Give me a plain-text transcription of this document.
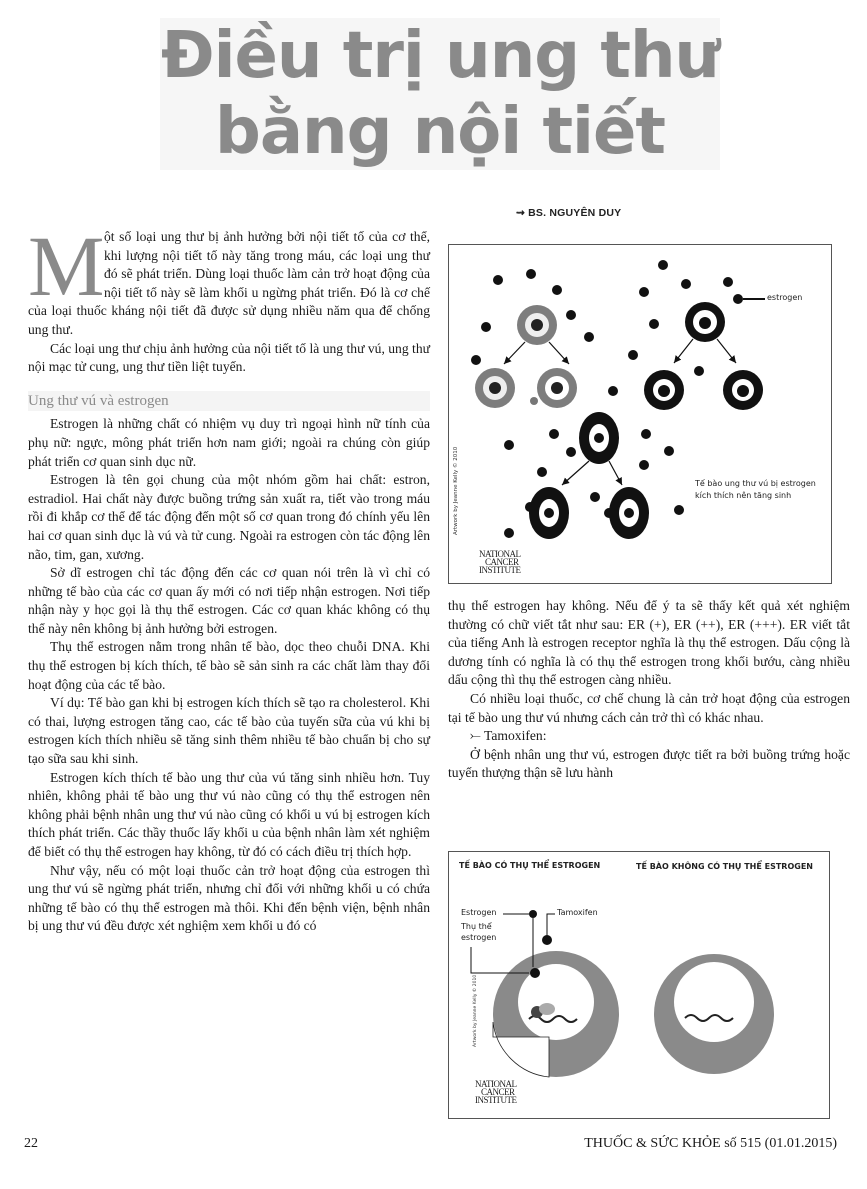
Điều trị ung thư
bằng nội tiết
⇝ BS. NGUYÊN DUY
M ột số loại ung thư bị ảnh hưởng bởi nội tiết tố của cơ thể, khi lượng nội tiết tố này tăng trong máu, các loại ung thư đó sẽ phát triển. Dùng loại thuốc làm cản trở hoạt động của nội tiết tố này sẽ làm khối u ngừng phát triển. Đó là cơ chế của loại thuốc kháng nội tiết đã được sử dụng nhiều năm qua để chống ung thư.

Các loại ung thư chịu ảnh hưởng của nội tiết tố là ung thư vú, ung thư nội mạc tử cung, ung thư tiền liệt tuyến.

Ung thư vú và estrogen

Estrogen là những chất có nhiệm vụ duy trì ngoại hình nữ tính của phụ nữ: ngực, mông phát triển hơn nam giới; ngoài ra chúng còn giúp phát triển cơ quan sinh dục nữ.

Estrogen là tên gọi chung của một nhóm gồm hai chất: estron, estradiol. Hai chất này được buồng trứng sản xuất ra, tiết vào trong máu rồi đi khắp cơ thể để tác động đến một số cơ quan trong đó chính yếu lên hai cơ quan sinh dục là vú và tử cung. Ngoài ra estrogen còn tác động lên não, tim, gan, xương.

Sở dĩ estrogen chỉ tác động đến các cơ quan nói trên là vì chỉ có những tế bào của các cơ quan ấy mới có nơi tiếp nhận estrogen. Nơi tiếp nhận này y học gọi là thụ thể estrogen. Các cơ quan khác không có thụ thể này nên không bị ảnh hưởng bởi estrogen.

Thụ thể estrogen nằm trong nhân tế bào, dọc theo chuỗi DNA. Khi thụ thể estrogen bị kích thích, tế bào sẽ sản sinh ra các chất làm thay đổi hoạt động của các tế bào.

Ví dụ: Tế bào gan khi bị estrogen kích thích sẽ tạo ra cholesterol. Khi có thai, lượng estrogen tăng cao, các tế bào của tuyến sữa của vú khi bị estrogen kích thích nhiều sẽ tăng sinh thêm nhiều tế bào chuẩn bị cho sự tạo sữa sau khi sinh.

Estrogen kích thích tế bào ung thư của vú tăng sinh nhiều hơn. Tuy nhiên, không phải tế bào ung thư vú nào cũng có thụ thể estrogen nên không phải bệnh nhân ung thư vú nào cũng có khối u vú bị estrogen kích thích phát triển. Các thầy thuốc lấy khối u của bệnh nhân làm xét nghiệm để biết có thụ thể estrogen hay không, từ đó có cách điều trị thích hợp.

Như vậy, nếu có một loại thuốc cản trở hoạt động của estrogen thì ung thư vú sẽ ngừng phát triển, nhưng chỉ đối với những khối u có chứa những tế bào có thụ thể estrogen mà thôi. Khi đến bệnh viện, bệnh nhân bị ung thư vú đều được xét nghiệm xem khối u đó có

estrogen
Tế bào ung thư vú bị estrogen
kích thích nên tăng sinh
Artwork by Jeanne Kelly © 2010
NATIONAL
CANCER
INSTITUTE

thụ thể estrogen hay không. Nếu để ý ta sẽ thấy kết quả xét nghiệm thường có chữ viết tắt như sau: ER (+), ER (++), ER (+++). ER viết tắt của tiếng Anh là estrogen receptor nghĩa là thụ thể estrogen. Dấu cộng là dương tính có nghĩa là có thụ thể estrogen trong khối bướu, càng nhiều dấu cộng thì thụ thể estrogen càng nhiều.

Có nhiều loại thuốc, cơ chế chung là cản trở hoạt động của estrogen tại tế bào ung thư vú nhưng cách cản trở thì có khác nhau.

⤚ Tamoxifen:

Ở bệnh nhân ung thư vú, estrogen được tiết ra bởi buồng trứng hoặc tuyến thượng thận sẽ lưu hành

TẾ BÀO CÓ THỤ THỂ ESTROGEN	TẾ BÀO KHÔNG CÓ THỤ THỂ ESTROGEN
Estrogen	Tamoxifen
Thụ thể
estrogen
Artwork by Jeanne Kelly © 2010
NATIONAL
CANCER
INSTITUTE
22	THUỐC & SỨC KHỎE số 515 (01.01.2015)
